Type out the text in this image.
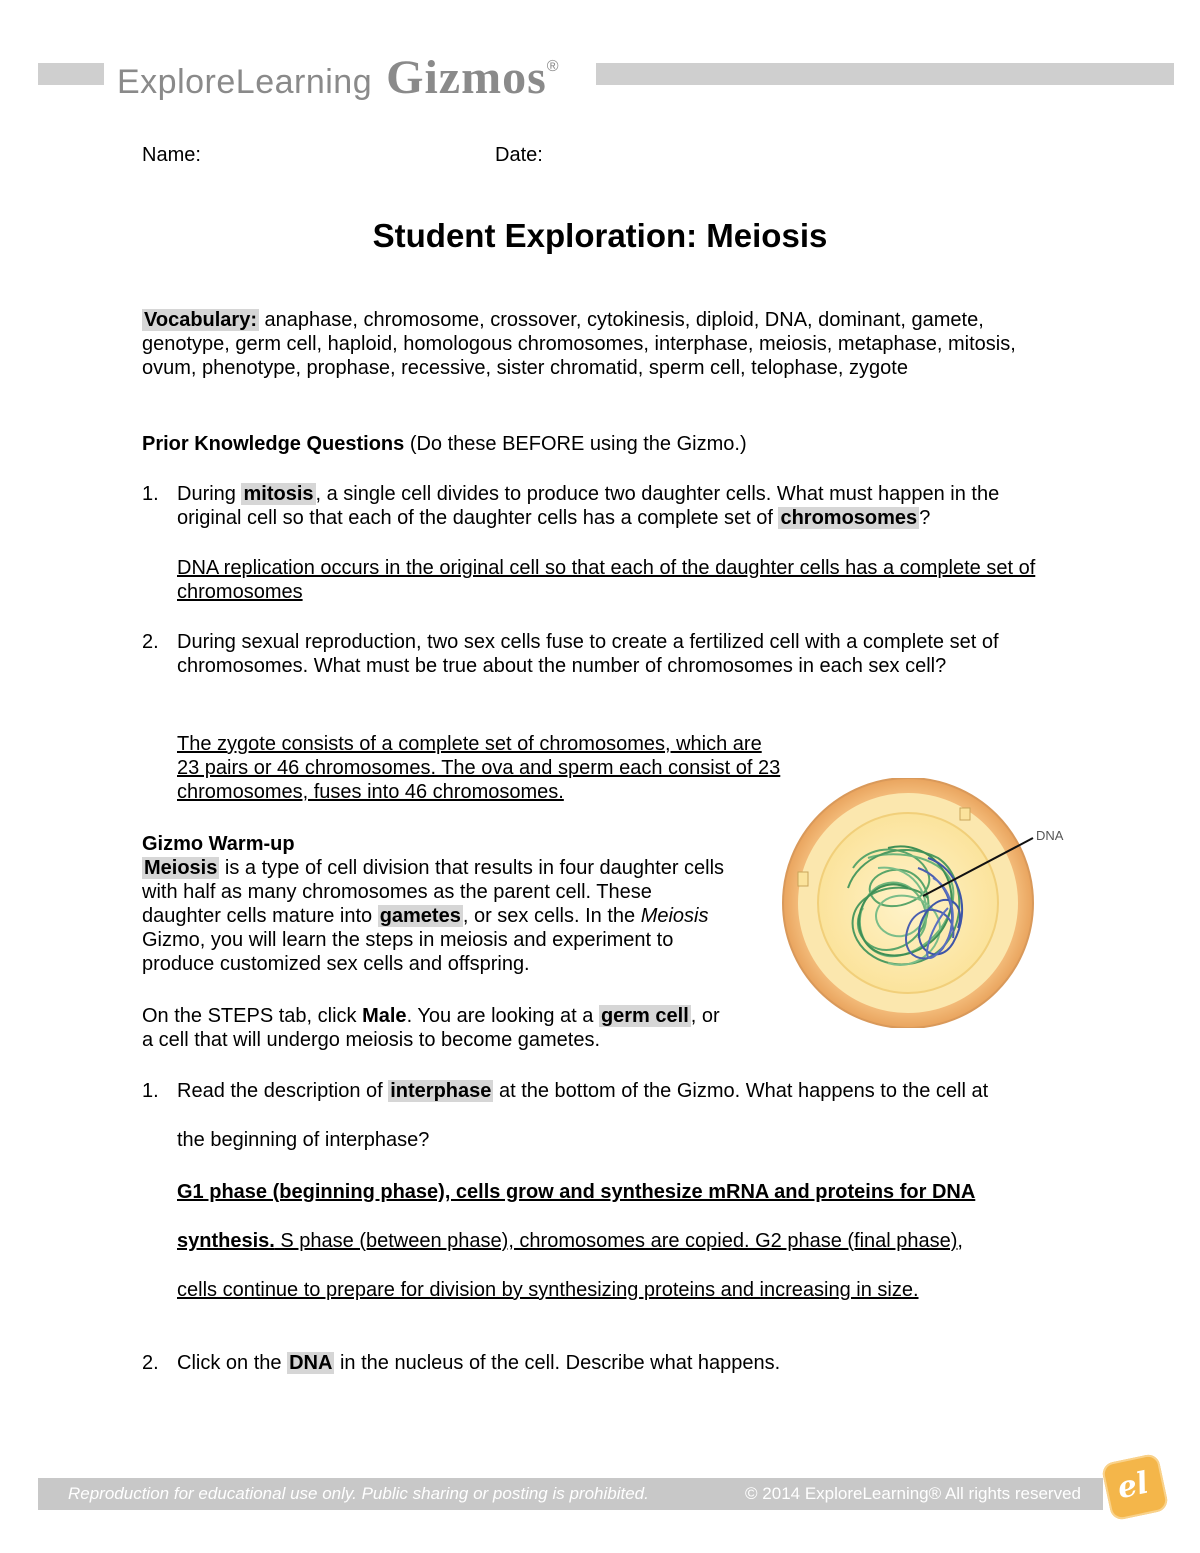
ExploreLearning Gizmos®
Name:	Date:
Student Exploration: Meiosis
Vocabulary: anaphase, chromosome, crossover, cytokinesis, diploid, DNA, dominant, gamete, genotype, germ cell, haploid, homologous chromosomes, interphase, meiosis, metaphase, mitosis, ovum, phenotype, prophase, recessive, sister chromatid, sperm cell, telophase, zygote
Prior Knowledge Questions (Do these BEFORE using the Gizmo.)
1. During mitosis , a single cell divides to produce two daughter cells. What must happen in the original cell so that each of the daughter cells has a complete set of chromosomes ?
DNA replication occurs in the original cell so that each of the daughter cells has a complete set of chromosomes
2. During sexual reproduction, two sex cells fuse to create a fertilized cell with a complete set of chromosomes. What must be true about the number of chromosomes in each sex cell?
The zygote consists of a complete set of chromosomes, which are 23 pairs or 46 chromosomes. The ova and sperm each consist of 23 chromosomes, fuses into 46 chromosomes.
Gizmo Warm-up
Meiosis is a type of cell division that results in four daughter cells with half as many chromosomes as the parent cell. These daughter cells mature into gametes , or sex cells. In the Meiosis Gizmo, you will learn the steps in meiosis and experiment to produce customized sex cells and offspring.
On the STEPS tab, click Male. You are looking at a germ cell , or a cell that will undergo meiosis to become gametes.
DNA
1. Read the description of interphase at the bottom of the Gizmo. What happens to the cell at
the beginning of interphase?
G1 phase (beginning phase), cells grow and synthesize mRNA and proteins for DNA
synthesis. S phase (between phase), chromosomes are copied. G2 phase (final phase),
cells continue to prepare for division by synthesizing proteins and increasing in size.
2. Click on the DNA in the nucleus of the cell. Describe what happens.
Reproduction for educational use only. Public sharing or posting is prohibited.	© 2014 ExploreLearning® All rights reserved el
